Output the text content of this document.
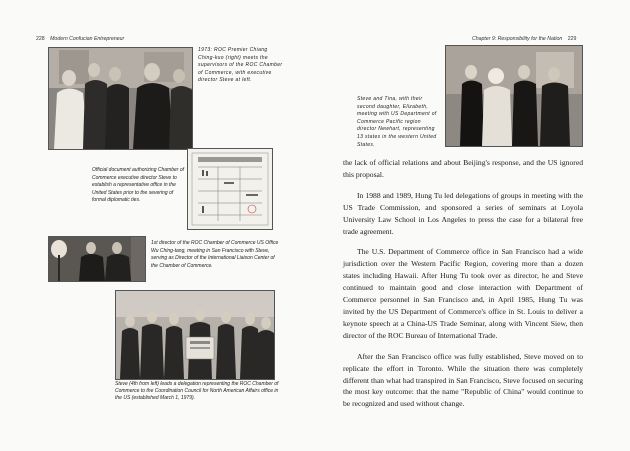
228 Modern Confucian Entrepreneur
1973: ROC Premier Chiang Ching-kuo (right) meets the supervisors of the ROC Chamber of Commerce, with executive director Steve at left.
Official document authorizing Chamber of Commerce executive director Steve to establish a representative office in the United States prior to the severing of formal diplomatic ties.
1st director of the ROC Chamber of Commerce US Office Wu Ching-tang, meeting in San Francisco with Steve, serving as Director of the International Liaison Center of the Chamber of Commerce.
Steve (4th from left) leads a delegation representing the ROC Chamber of Commerce to the Coordination Council for North American Affairs office in the US (established March 1, 1979).
Chapter 9: Responsibility for the Nation 229
Steve and Tina, with their second daughter, Elizabeth, meeting with US Department of Commerce Pacific region director Newhart, representing 13 states in the western United States.

the lack of official relations and about Beijing's response, and the US ignored this proposal.

In 1988 and 1989, Hung Tu led delegations of groups in meeting with the US Trade Commission, and sponsored a series of seminars at Loyola University Law School in Los Angeles to press the case for a bilateral free trade agreement.

The U.S. Department of Commerce office in San Francisco had a wide jurisdiction over the Western Pacific Region, covering more than a dozen states including Hawaii. After Hung Tu took over as director, he and Steve continued to maintain good and close interaction with Department of Commerce personnel in San Francisco and, in April 1985, Hung Tu was invited by the US Department of Commerce's office in St. Louis to deliver a keynote speech at a China-US Trade Seminar, along with Vincent Siew, then director of the ROC Bureau of International Trade.

After the San Francisco office was fully established, Steve moved on to replicate the effort in Toronto. While the situation there was completely different than what had transpired in San Francisco, Steve focused on securing the most key outcome: that the name "Republic of China" would continue to be recognized and used without change.
